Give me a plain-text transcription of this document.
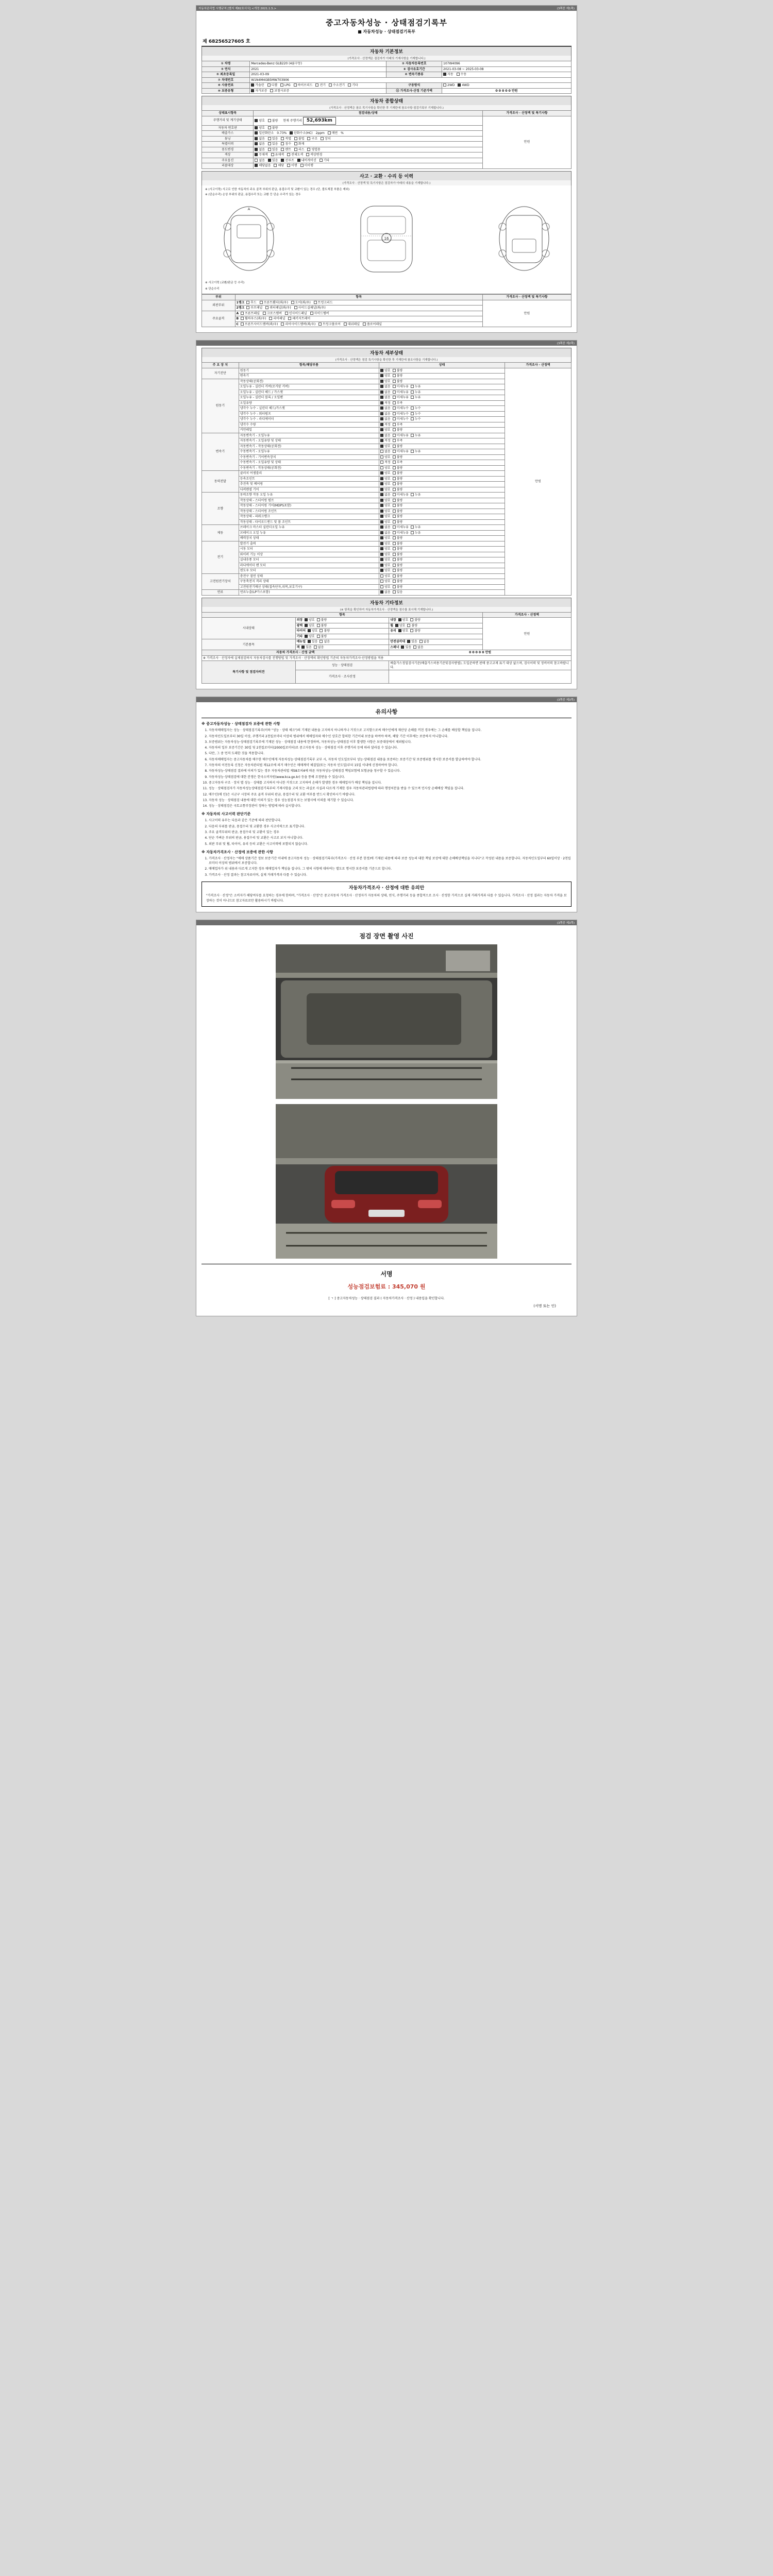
자동차관리법 시행규칙 [별지 제82호서식] <개정 2021.1.5.>	(3쪽중 제1쪽)
중고자동차성능 · 상태점검기록부
■ 자동차성능 · 상태점검기록부
제 68256527605 호
자동차 기본정보
(가격조사 · 산정액은 점검자가 아래의 기재사항을 기재합니다.)
① 차명	Mercedes-Benz GLB220 (4륜구동)	② 자동차등록번호	107W4096
③ 연식	2021	④ 검사유효기간	2021-03-08 ~ 2025-03-08
⑤ 최초등록일	2021-03-09	⑥ 변속기종류	자동 수동
⑦ 차대번호	W1N4M4GB5MW703906		
⑧ 사용연료	가솔린 디젤 LPG 하이브리드 전기 수소전기 기타	구동방식	2WD 4WD
⑩ 보증유형	자가보증 보험사보증	⑪ 가격조사·산정 기준가액	0 0 0 0 0 만원
자동차 종합상태
(가격조사 · 산정액은 참조 목기사항을 확인한 후 기재란에 참조사항·점검기록부 기재합니다.)
상태표시항목	점검내용/상태	가격조사 · 산정액 및 특기사항
주행거리 및 계기상태	양호 불량 현재 주행거리 52,693km	만원
자동차 번호판	양호 불량	
배출가스	일산화탄소 0.73% 탄화수소(HC) 2ppm 매연 %	
튜닝	없음 있음 적법 불법 구조 장치	
특별이력	없음 있음 침수 화재	
용도변경	없음 있음 렌트 리스 영업용	
색상	무채색 유채색 전체도색 색상변경	
주요옵션	없음 있음 선루프 내비게이션 기타	
리콜대상	해당없음 해당 이행 미이행	
사고 · 교환 · 수리 등 이력
(가격조사 · 산정액 및 특기사항은 점검자가 아래의 내용을 기재합니다.)
※ (사고이력) 사고로 인한 자동차의 주요 골격 부위의 판금, 용접수리 및 교환이 있는 경우 (단, 볼트체결 부품은 제외)
※ (단순수리) 손상 부위의 판금, 용접수리 또는 교환 등 단순 수리가 있는 경우
A
16
※ 사고이력 (교환/판금 등 수리)
※ 단순수리
부위	항목	가격조사 · 산정액 및 특기사항
외판부위	1랭크 후드 프론트휀더(좌/우) 도어(좌/우) 트렁크리드	만원
	2랭크 루프패널 쿼터패널(좌/우) 사이드실패널(좌/우)	
주요골격	A 프론트패널 크로스멤버 인사이드패널 사이드멤버	
	B 휠하우스(좌/우) 리어패널 패키지트레이	
	C 프론트사이드멤버(좌/우) 리어사이드멤버(좌/우) 트렁크플로어 대쉬패널 플로어패널	
(3쪽중 제2쪽)
자동차 세부상태
(가격조사 · 산정액은 점검 특기사항을 확인한 후 기재란에 참조사항을 기재합니다.)
주 요 장 치	항목/해당부품	상태	가격조사 · 산정액
자기진단	원동기	양호 불량	만원
	변속기	양호 불량	
원동기	작동상태(공회전)	양호 불량	
	오일누유 - 실린더 커버(로커암 커버)	없음 미세누유 누유	
	오일누유 - 실린더 헤드 / 가스켓	없음 미세누유 누유	
	오일누유 - 실린더 블록 / 오일팬	없음 미세누유 누유	
	오일유량	적정 부족	
	냉각수 누수 - 실린더 헤드/가스켓	없음 미세누수 누수	
	냉각수 누수 - 워터펌프	없음 미세누수 누수	
	냉각수 누수 - 라디에이터	없음 미세누수 누수	
	냉각수 수량	적정 부족	
	커먼레일	양호 불량	
변속기	자동변속기 - 오일누유	없음 미세누유 누유	
	자동변속기 - 오일유량 및 상태	적정 부족	
	자동변속기 - 작동상태(공회전)	양호 불량	
	수동변속기 - 오일누유	없음 미세누유 누유	
	수동변속기 - 기어변속장치	양호 불량	
	수동변속기 - 오일유량 및 상태	적정 부족	
	수동변속기 - 작동상태(공회전)	양호 불량	
동력전달	클러치 어셈블리	양호 불량	
	등속조인트	양호 불량	
	추진축 및 베어링	양호 불량	
	디퍼렌셜 기어	양호 불량	
조향	동력조향 작동 오일 누유	없음 미세누유 누유	
	작동상태 - 스티어링 펌프	양호 불량	
	작동상태 - 스티어링 기어(MDPS포함)	양호 불량	
	작동상태 - 스티어링 조인트	양호 불량	
	작동상태 - 파워크랭크	양호 불량	
	작동상태 - 타이로드엔드 및 볼 조인트	양호 불량	
제동	브레이크 마스터 실린더오일 누유	없음 미세누유 누유	
	브레이크 오일 누유	없음 미세누유 누유	
	배력장치 상태	양호 불량	
전기	발전기 출력	양호 불량	
	시동 모터	양호 불량	
	와이퍼 기능 이상	양호 불량	
	실내송풍 모터	양호 불량	
	라디에이터 팬 모터	양호 불량	
	윈도우 모터	양호 불량	
고전원전기장치	충전구 절연 상태	양호 불량	
	구동축전지 격리 상태	양호 불량	
	고전원전기배선 상태(접속단자,피복,보호기구)	양호 불량	
연료	연료누출(LP가스포함)	없음 있음	
자동차 기타정보
(※ 항목을 확인하여 자동차가격조사 · 산정액을 점수를 표시해 기재합니다.)
항목			가격조사 · 산정액
시내상태	외장 양호 불량	내장 양호 불량	만원
	광택 양호 불량	휠 양호 불량	
	타이어 양호 불량	유리 양호 불량	
	기타 양호 불량		
기본품목	매뉴얼 있음 없음	안전삼각대 있음 없음	
	잭 있음 없음	스패너 있음 없음	
자동차 가격조사 · 산정 금액		0 0 0 0 0 만원	
※ 가격조사 · 산정자에 실제점검하지 자동차검사를 진행방법 및 가격조사 · 산정액의 확인방법 기준의 자동차가격조사·산정방법을 적용			
특기사항 및 점검자의견	성능 · 상태점검	배출가스정밀검사기준(배출가스허용기준및검사방법), 도입준하면 판매 중고교재 표기 대상 없으며, 검사이력 및 정비이력 참고바랍니다.	
	가격조사 · 조사산정		
(3쪽중 제3쪽)
유의사항
※ 중고자동차성능 · 상태점검자 보증에 관한 사항
1. 자동차매매업자는 성능 · 상태점검기록부(이하 "성능 · 상태 체크")의 기재된 내용을 고지하지 아니하거나 거짓으로 고지함으로써 매수인에게 재산상 손해를 끼친 경우에는 그 손해를 배상할 책임을 집니다.
2. 자동차인도일로부터 30일 이상, 주행거리 2천킬로미터 이상의 범위에서 매매업자와 매수인 상호간 합의한 기간이내 보증을 하여야 하며, 해당 기간 이후에는 보증하지 아니합니다.
3. 보증범위는 자동차성능·상태점검기록부에 기재된 성능 · 상태점검 내용에 한정하며, 자동차성능·상태점검 이후 발생한 사항은 보증대상에서 제외됩니다.
4. 자동차의 일부 보증기간은 30일 및 2천킬로미터(2000킬로미터)로 중고자동차 성능 · 상태점검 이후 주행거리 등에 따라 달라질 수 있습니다.
5. 다만, 그 중 먼저 도래한 것을 적용합니다.
6. 자동차매매업자는 중고자동차를 매수한 매수인에게 자동차성능·상태점검기록부 교부 시, 자동차 인도일로부터 성능·상태점검 내용을 보증하는 보증기간 및 보증범위를 명시한 보증서를 발급하여야 합니다.
7. 자동차의 이전등록 신청은 자동차관리법 제12조에 의거 매수인은 매매계약 체결일(또는 자동차 인도일)부터 15일 이내에 신청하여야 합니다.
8. 자동차성능·상태점검 결과에 이의가 있는 경우 자동차관리법 제58조의4에 따른 자동차성능·상태점검 책임보험에 보험금을 청구할 수 있습니다.
9. 자동차성능·상태점검에 대한 분쟁은 한국소비자원(www.kca.go.kr) 등을 통해 조정받을 수 있습니다.
10. 중고자동차 구조 · 장치 별 성능 · 상태를 고지하지 아니한 거짓으로 고지하여 손해가 발생한 경우 매매업자가 배상 책임을 집니다.
11. 성능 · 상태점검자가 자동차성능상태점검기록부의 기재사항을 고의 또는 과실로 사실과 다르게 기재한 경우 자동차관리법령에 따라 행정처분을 받을 수 있으며 민사상 손해배상 책임을 집니다.
12. 매수인(매 인)은 시군구 시장의 주요 골격 부위의 판금, 용접수리 및 교환 여부를 반드시 확인하시기 바랍니다.
13. 자동차 성능 · 상태점검 내용에 대한 이의가 있는 경우 성능점검자 또는 보험사에 이의를 제기할 수 있습니다.
14. 성능 · 상태점검은 국토교통부장관이 정하는 방법에 따라 실시합니다.
※ 자동차의 사고이력 판단기준
1. 사고이력 유무는 다음과 같은 기준에 따라 판단합니다.
2. 다음의 부위를 판금, 용접수리 및 교환한 경우 사고이력으로 표기합니다.
3. 주요 골격부위의 판금, 용접수리 및 교환이 있는 경우
4. 단순 가벼운 부위의 판금, 용접수리 및 교환은 사고로 보지 아니합니다.
5. 외판 부위 및 휠, 타이어, 유리 등의 교환은 사고이력에 포함되지 않습니다.
※ 자동차가격조사 · 산정에 보증에 관한 사항
1. 가격조사 · 산정자는 "매매 상품기간 정보 보증기간 이내에 중고자동차 성능 · 상태점검기록부(가격조사 · 산정 부분 한정)에 기재된 내용에 따라 보증 성능의 대한 책임 보상에 대한 손해배상책임을 지니다"고 작성된 내용을 보증합니다. 자동차인도일부터 60일이상 · 2천킬로미터 이상의 범위에서 보증합니다.
2. 매매업자가 위 내용과 다르게 고지한 경우 매매업자가 책임을 집니다. 그 밖의 사항에 대하여는 별도로 명시한 보증서를 기준으로 합니다.
3. 가격조사 · 산정 결과는 참고자료이며, 실제 거래가격과 다를 수 있습니다.
자동차가격조사 · 산정에 대한 유의안
"가격조사 · 산정"은 소비자가 해당여부를 요청하는 경우에 한하며, "가격조사 · 산정"은 중고자동차 가격조사 · 산정자가 자동차의 상태, 연식, 주행거리 등을 종합적으로 조사 · 산정한 가격으로 실제 거래가격과 다를 수 있습니다. 가격조사 · 산정 결과는 자동차 가격을 보장하는 것이 아니므로 참고자료로만 활용하시기 바랍니다.
(3쪽중 제3쪽)
점검 장면 촬영 사진
서명
성능점검보험료 : 345,070 원
[ ㄱ ] 중고자동차성능 · 상태점검 결과 ( 자동차가격조사 · 산정 ) 내용입을 확인합니다.
(서명 또는 인)
